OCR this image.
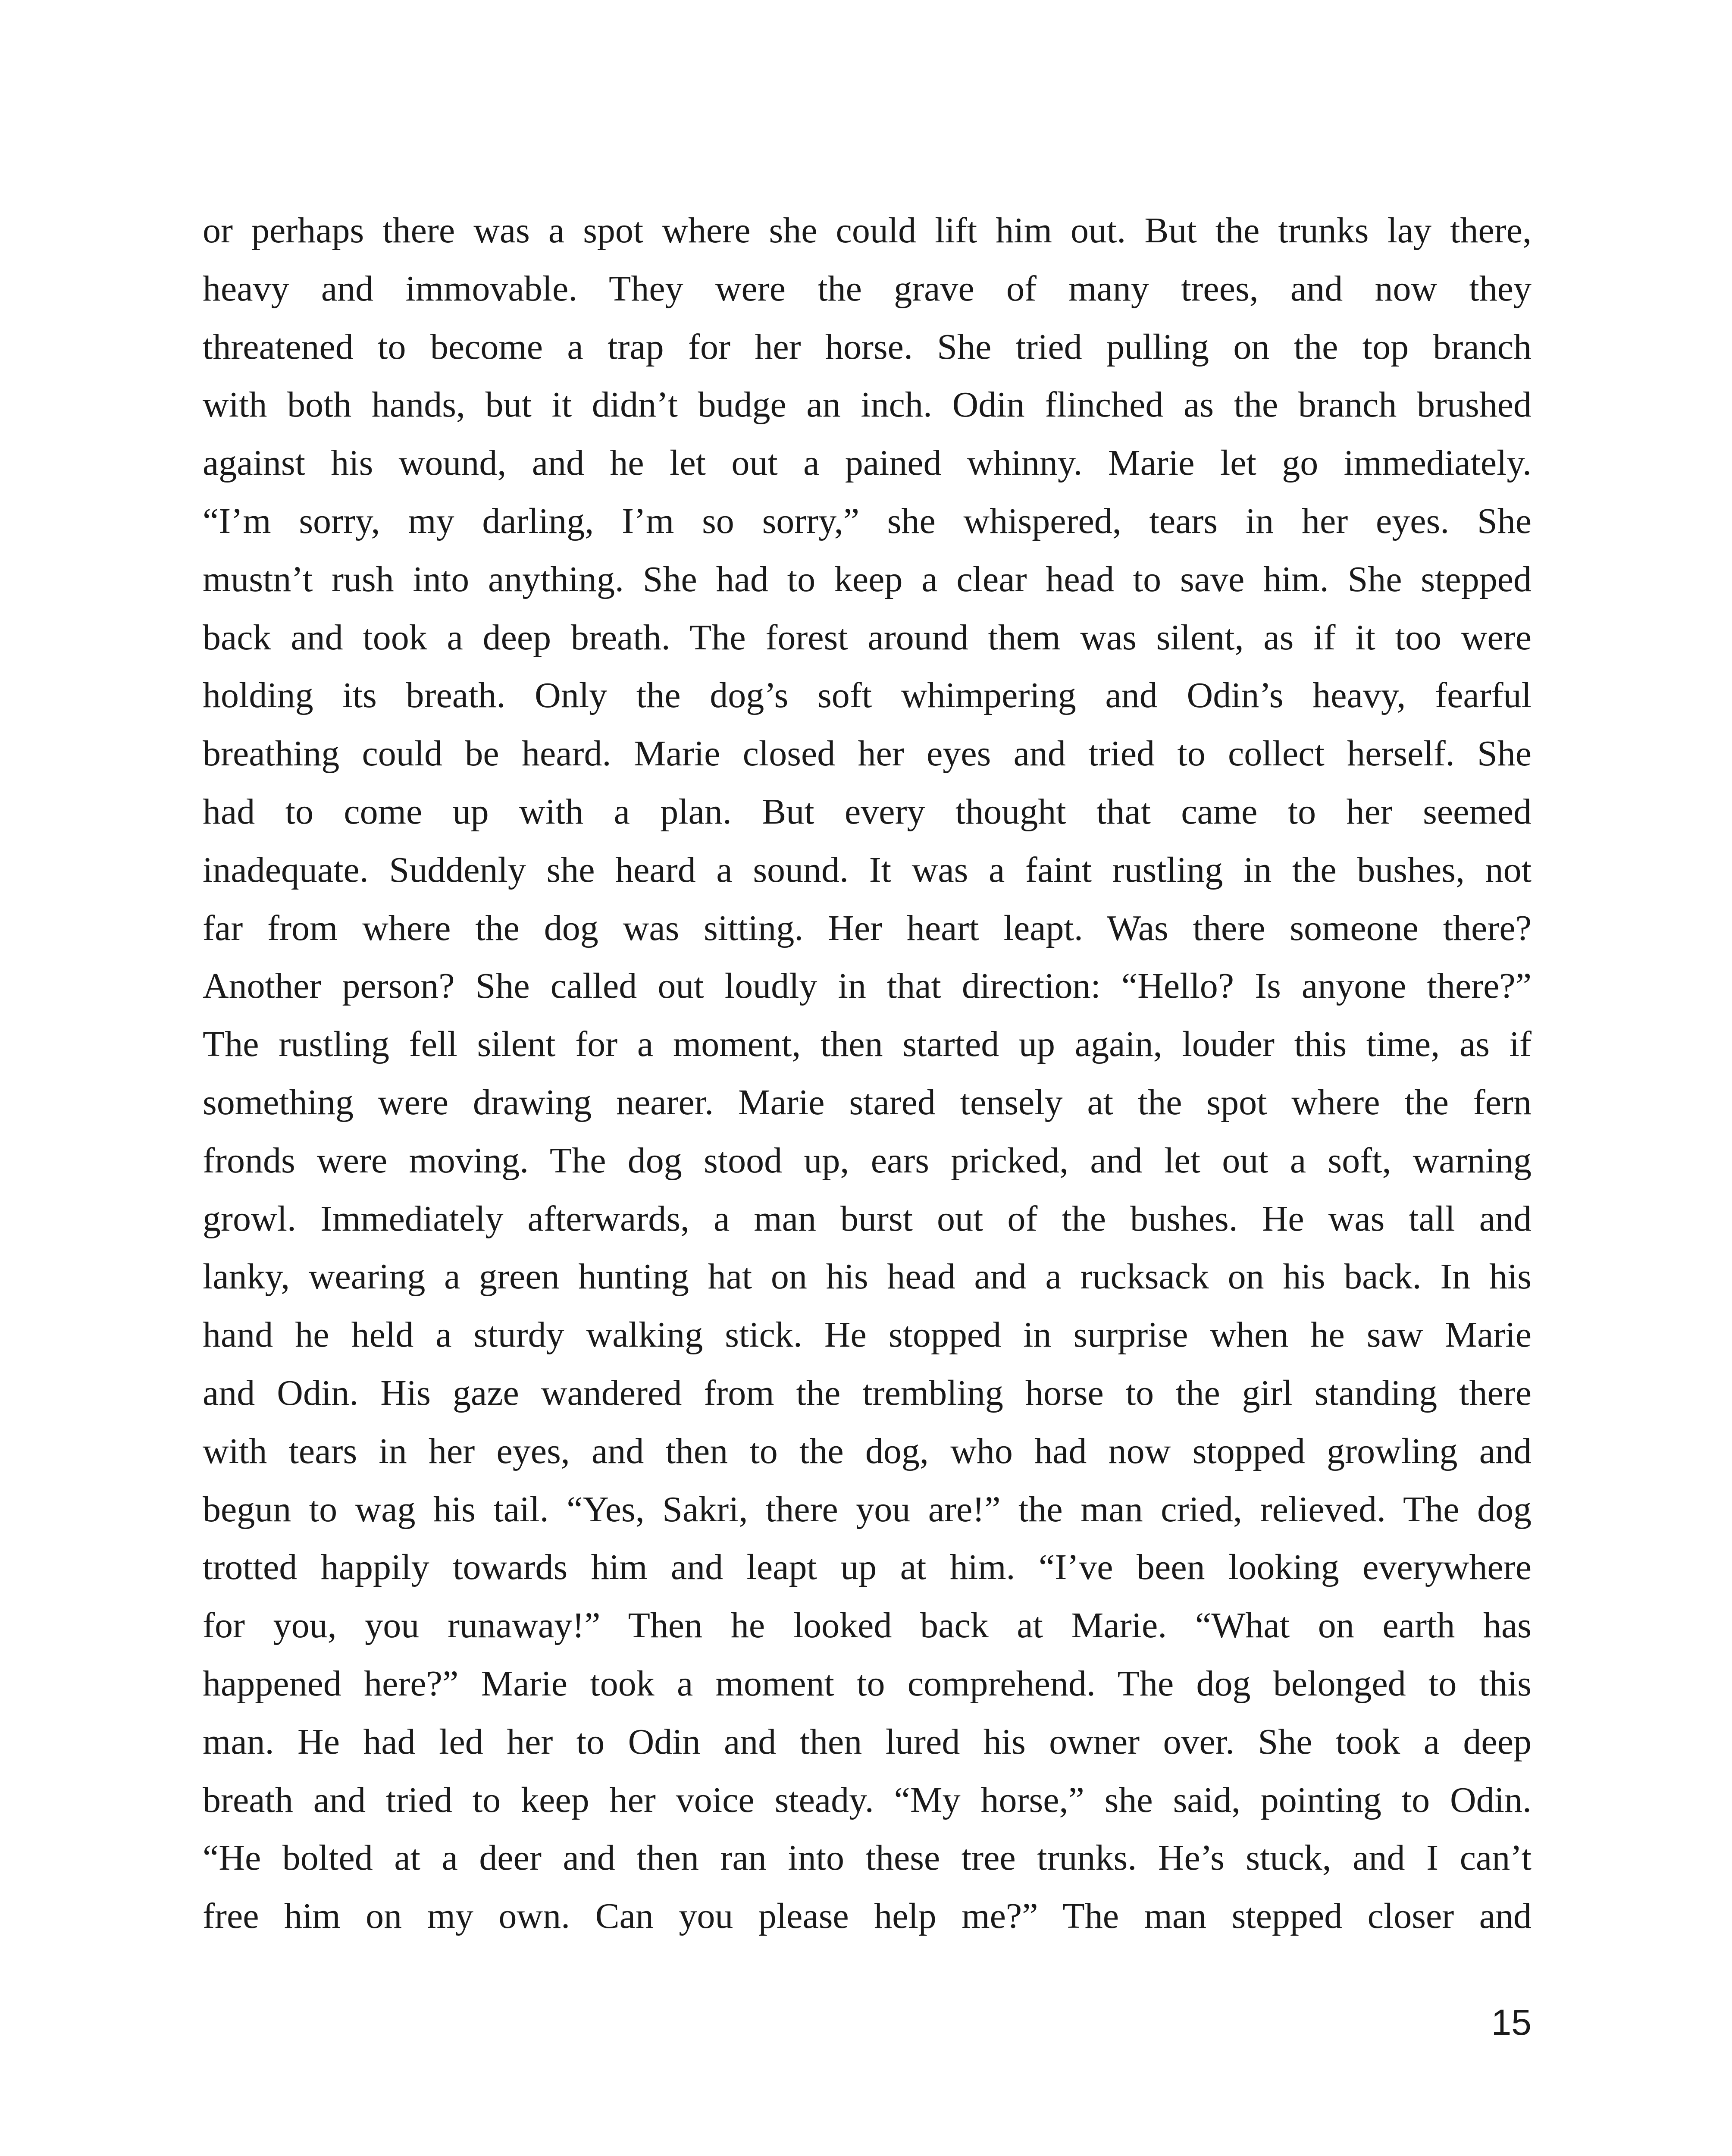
or perhaps there was a spot where she could lift him out. But the trunks lay there,
heavy and immovable. They were the grave of many trees, and now they
threatened to become a trap for her horse. She tried pulling on the top branch
with both hands, but it didn’t budge an inch. Odin flinched as the branch brushed
against his wound, and he let out a pained whinny. Marie let go immediately.
“I’m sorry, my darling, I’m so sorry,” she whispered, tears in her eyes. She
mustn’t rush into anything. She had to keep a clear head to save him. She stepped
back and took a deep breath. The forest around them was silent, as if it too were
holding its breath. Only the dog’s soft whimpering and Odin’s heavy, fearful
breathing could be heard. Marie closed her eyes and tried to collect herself. She
had to come up with a plan. But every thought that came to her seemed
inadequate. Suddenly she heard a sound. It was a faint rustling in the bushes, not
far from where the dog was sitting. Her heart leapt. Was there someone there?
Another person? She called out loudly in that direction: “Hello? Is anyone there?”
The rustling fell silent for a moment, then started up again, louder this time, as if
something were drawing nearer. Marie stared tensely at the spot where the fern
fronds were moving. The dog stood up, ears pricked, and let out a soft, warning
growl. Immediately afterwards, a man burst out of the bushes. He was tall and
lanky, wearing a green hunting hat on his head and a rucksack on his back. In his
hand he held a sturdy walking stick. He stopped in surprise when he saw Marie
and Odin. His gaze wandered from the trembling horse to the girl standing there
with tears in her eyes, and then to the dog, who had now stopped growling and
begun to wag his tail. “Yes, Sakri, there you are!” the man cried, relieved. The dog
trotted happily towards him and leapt up at him. “I’ve been looking everywhere
for you, you runaway!” Then he looked back at Marie. “What on earth has
happened here?” Marie took a moment to comprehend. The dog belonged to this
man. He had led her to Odin and then lured his owner over. She took a deep
breath and tried to keep her voice steady. “My horse,” she said, pointing to Odin.
“He bolted at a deer and then ran into these tree trunks. He’s stuck, and I can’t
free him on my own. Can you please help me?” The man stepped closer and
15
